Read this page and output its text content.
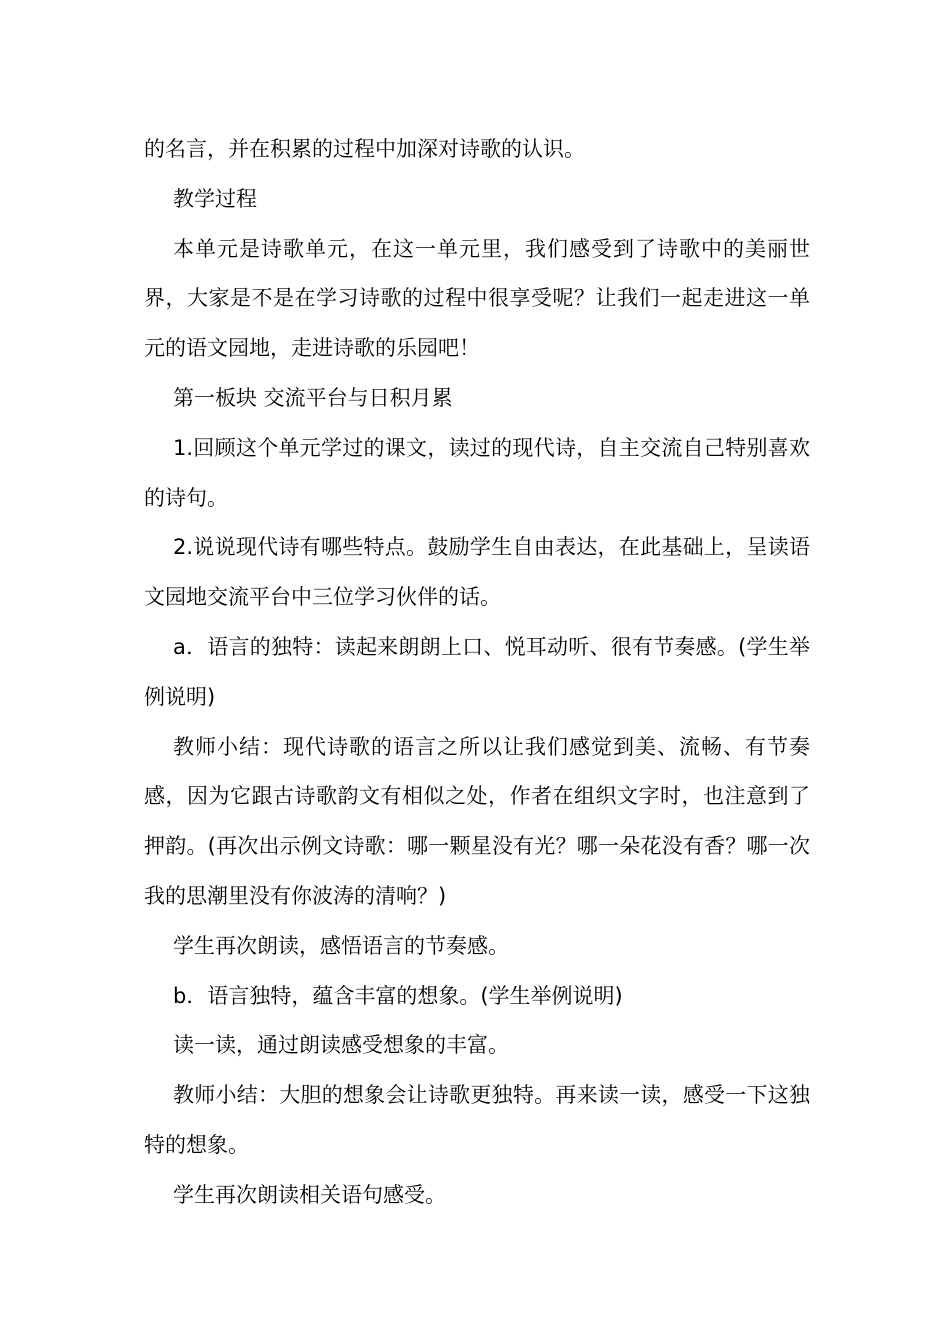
的名言，并在积累的过程中加深对诗歌的认识。

教学过程

本单元是诗歌单元，在这一单元里，我们感受到了诗歌中的美丽世界，大家是不是在学习诗歌的过程中很享受呢？让我们一起走进这一单元的语文园地，走进诗歌的乐园吧！

第一板块 交流平台与日积月累

1.回顾这个单元学过的课文，读过的现代诗，自主交流自己特别喜欢的诗句。

2.说说现代诗有哪些特点。鼓励学生自由表达，在此基础上，呈读语文园地交流平台中三位学习伙伴的话。

a．语言的独特：读起来朗朗上口、悦耳动听、很有节奏感。(学生举例说明)

教师小结：现代诗歌的语言之所以让我们感觉到美、流畅、有节奏感，因为它跟古诗歌韵文有相似之处，作者在组织文字时，也注意到了押韵。(再次出示例文诗歌：哪一颗星没有光？哪一朵花没有香？哪一次我的思潮里没有你波涛的清响？)

学生再次朗读，感悟语言的节奏感。

b．语言独特，蕴含丰富的想象。(学生举例说明)

读一读，通过朗读感受想象的丰富。

教师小结：大胆的想象会让诗歌更独特。再来读一读，感受一下这独特的想象。

学生再次朗读相关语句感受。
